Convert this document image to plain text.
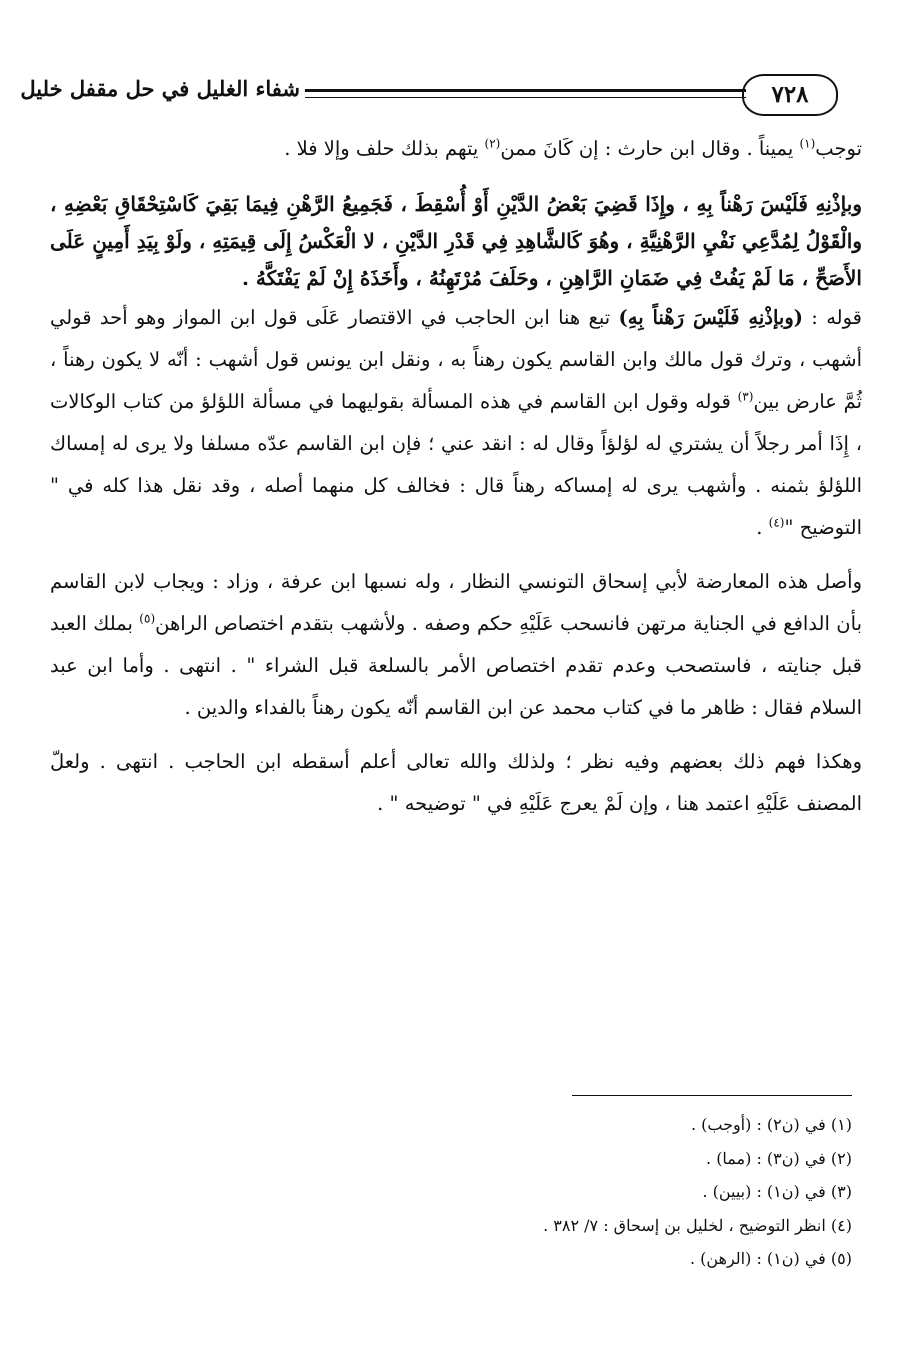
٧٢٨
شفاء الغليل في حل مقفل خليل

توجب$^{(١)}$ يميناً . وقال ابن حارث : إن كَانَ ممن$^{(٢)}$ يتهم بذلك حلف وإلا فلا .

وبإذْنِهِ فَلَيْسَ رَهْناً بِهِ ، وإِذَا قَضِيَ بَعْضُ الدَّيْنِ أَوْ أُسْقِطَ ، فَجَمِيعُ الرَّهْنِ فِيمَا بَقِيَ كَاسْتِحْقَاقِ بَعْضِهِ ، والْقَوْلُ لِمُدَّعِي نَفْيِ الرَّهْنِيَّةِ ، وهُوَ كَالشَّاهِدِ فِي قَدْرِ الدَّيْنِ ، لا الْعَكْسُ إِلَى قِيمَتِهِ ، ولَوْ بِيَدِ أَمِينٍ عَلَى الأَصَحِّ ، مَا لَمْ يَفُتْ فِي ضَمَانِ الرَّاهِنِ ، وحَلَفَ مُرْتَهِنُهُ ، وأَخَذَهُ إِنْ لَمْ يَفْتَكَّهُ .

قوله : (وبإذْنِهِ فَلَيْسَ رَهْناً بِهِ) تبع هنا ابن الحاجب في الاقتصار عَلَى قول ابن المواز وهو أحد قولي أشهب ، وترك قول مالك وابن القاسم يكون رهناً به ، ونقل ابن يونس قول أشهب : أنّه لا يكون رهناً ، ثُمَّ عارض بين$^{(٣)}$ قوله وقول ابن القاسم في هذه المسألة بقوليهما في مسألة اللؤلؤ من كتاب الوكالات ، إِذَا أمر رجلاً أن يشتري له لؤلؤاً وقال له : انقد عني ؛ فإن ابن القاسم عدّه مسلفا ولا يرى له إمساك اللؤلؤ بثمنه . وأشهب يرى له إمساكه رهناً قال : فخالف كل منهما أصله ، وقد نقل هذا كله في " التوضيح "$^{(٤)}$ .

وأصل هذه المعارضة لأبي إسحاق التونسي النظار ، وله نسبها ابن عرفة ، وزاد : ويجاب لابن القاسم بأن الدافع في الجناية مرتهن فانسحب عَلَيْهِ حكم وصفه . ولأشهب بتقدم اختصاص الراهن$^{(٥)}$ بملك العبد قبل جنايته ، فاستصحب وعدم تقدم اختصاص الأمر بالسلعة قبل الشراء " . انتهى . وأما ابن عبد السلام فقال : ظاهر ما في كتاب محمد عن ابن القاسم أنّه يكون رهناً بالفداء والدين .

وهكذا فهم ذلك بعضهم وفيه نظر ؛ ولذلك والله تعالى أعلم أسقطه ابن الحاجب . انتهى . ولعلّ المصنف عَلَيْهِ اعتمد هنا ، وإن لَمْ يعرج عَلَيْهِ في " توضيحه " .

(١) في (ن٢) : (أوجب) .
(٢) في (ن٣) : (مما) .
(٣) في (ن١) : (بيين) .
(٤) انظر التوضيح ، لخليل بن إسحاق : ٧/ ٣٨٢ .
(٥) في (ن١) : (الرهن) .
